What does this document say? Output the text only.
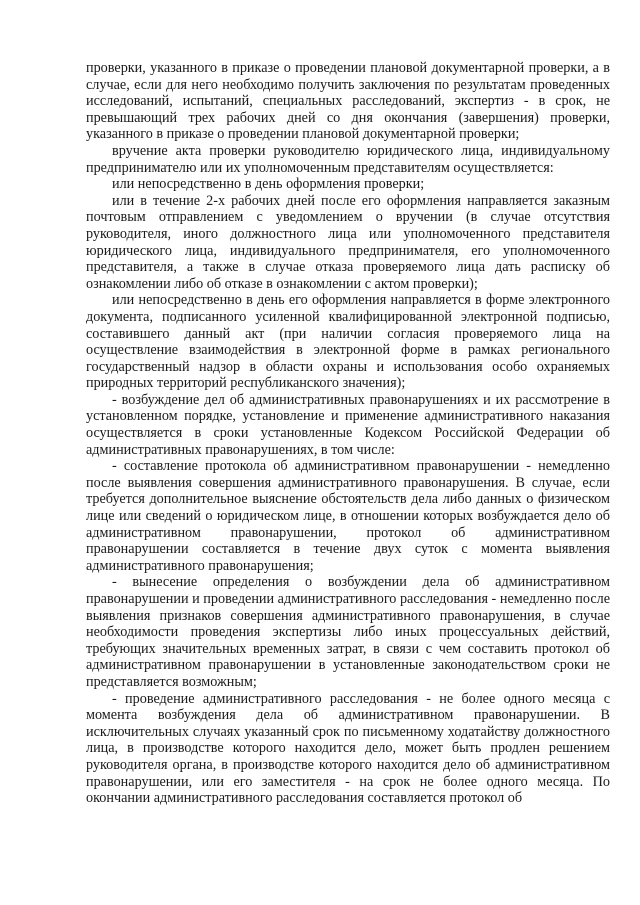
проверки, указанного в приказе о проведении плановой документарной проверки, а в случае, если для него необходимо получить заключения по результатам проведенных исследований, испытаний, специальных расследований, экспертиз - в срок, не превышающий трех рабочих дней со дня окончания (завершения) проверки, указанного в приказе о проведении плановой документарной проверки;

вручение акта проверки руководителю юридического лица, индивидуальному предпринимателю или их уполномоченным представителям осуществляется:

или непосредственно в день оформления проверки;

или в течение 2-х рабочих дней после его оформления направляется заказным почтовым отправлением с уведомлением о вручении (в случае отсутствия руководителя, иного должностного лица или уполномоченного представителя юридического лица, индивидуального предпринимателя, его уполномоченного представителя, а также в случае отказа проверяемого лица дать расписку об ознакомлении либо об отказе в ознакомлении с актом проверки);

или непосредственно в день его оформления направляется в форме электронного документа, подписанного усиленной квалифицированной электронной подписью, составившего данный акт (при наличии согласия проверяемого лица на осуществление взаимодействия в электронной форме в рамках регионального государственный надзор в области охраны и использования особо охраняемых природных территорий республиканского значения);

- возбуждение дел об административных правонарушениях и их рассмотрение в установленном порядке, установление и применение административного наказания осуществляется в сроки установленные Кодексом Российской Федерации об административных правонарушениях, в том числе:

- составление протокола об административном правонарушении - немедленно после выявления совершения административного правонарушения. В случае, если требуется дополнительное выяснение обстоятельств дела либо данных о физическом лице или сведений о юридическом лице, в отношении которых возбуждается дело об административном правонарушении, протокол об административном правонарушении составляется в течение двух суток с момента выявления административного правонарушения;

- вынесение определения о возбуждении дела об административном правонарушении и проведении административного расследования - немедленно после выявления признаков совершения административного правонарушения, в случае необходимости проведения экспертизы либо иных процессуальных действий, требующих значительных временных затрат, в связи с чем составить протокол об административном правонарушении в установленные законодательством сроки не представляется возможным;

- проведение административного расследования - не более одного месяца с момента возбуждения дела об административном правонарушении. В исключительных случаях указанный срок по письменному ходатайству должностного лица, в производстве которого находится дело, может быть продлен решением руководителя органа, в производстве которого находится дело об административном правонарушении, или его заместителя - на срок не более одного месяца. По окончании административного расследования составляется протокол об
